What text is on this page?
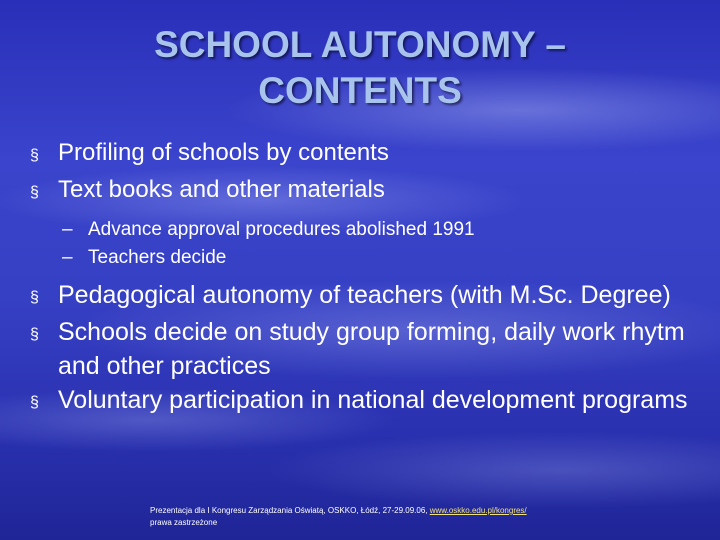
SCHOOL AUTONOMY –
CONTENTS
§ Profiling of schools by contents
§ Text books and other materials
– Advance approval procedures abolished 1991
– Teachers decide
§ Pedagogical autonomy of teachers (with M.Sc. Degree)
§ Schools decide on study group forming, daily work rhytm and other practices
§ Voluntary participation in national development programs
Prezentacja dla I Kongresu Zarządzania Oświatą, OSKKO, Łódź, 27-29.09.06, www.oskko.edu.pl/kongres/
prawa zastrzeżone
